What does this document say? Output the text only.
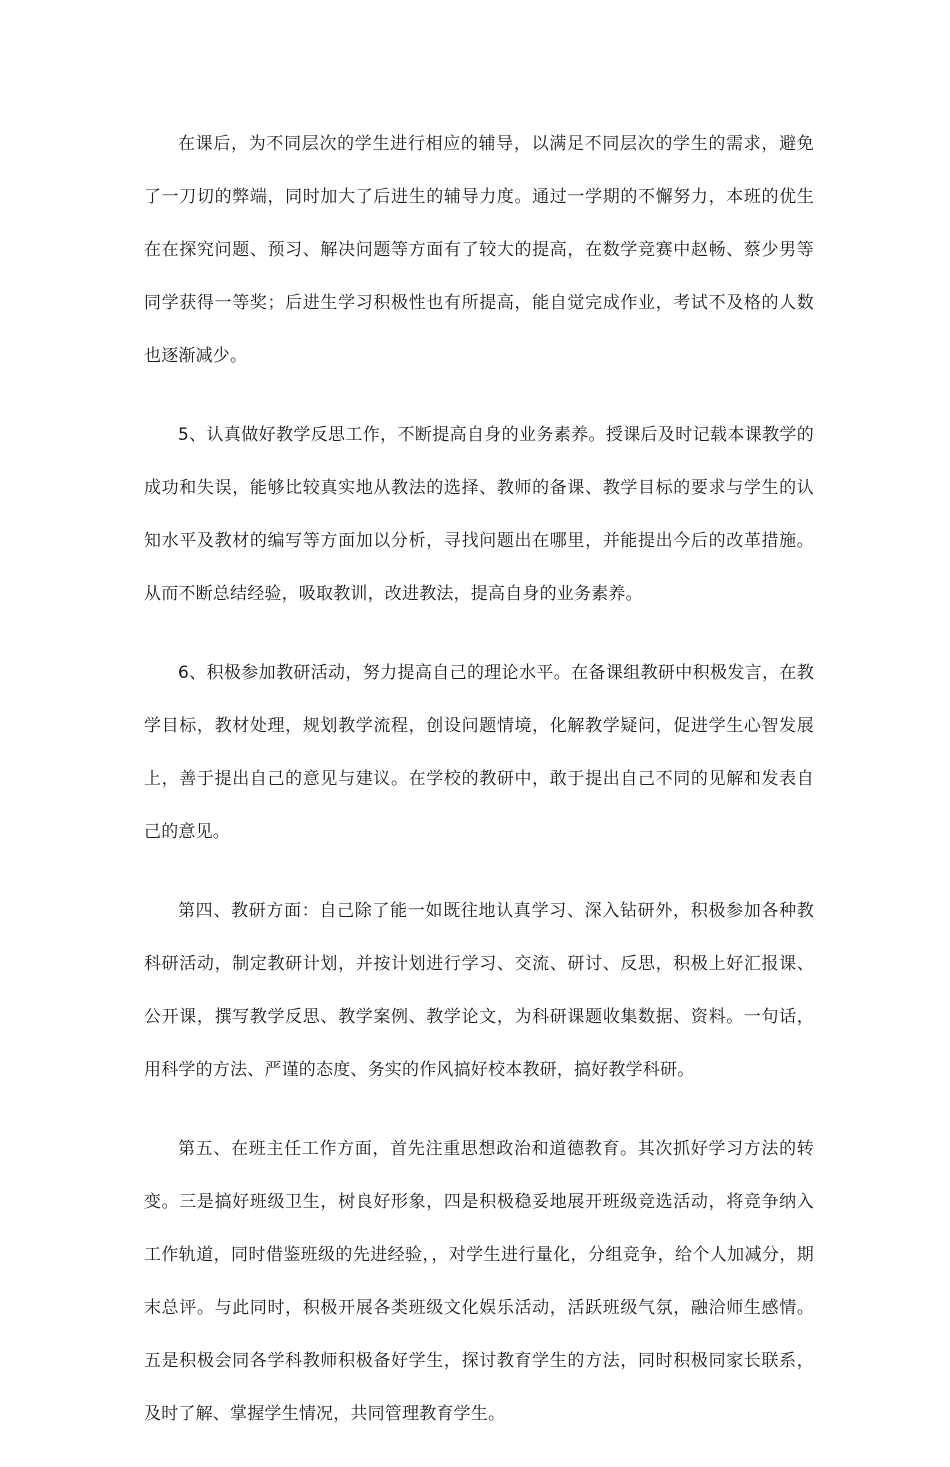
在课后，为不同层次的学生进行相应的辅导，以满足不同层次的学生的需求，避免了一刀切的弊端，同时加大了后进生的辅导力度。通过一学期的不懈努力，本班的优生在在探究问题、预习、解决问题等方面有了较大的提高，在数学竞赛中赵畅、蔡少男等同学获得一等奖；后进生学习积极性也有所提高，能自觉完成作业，考试不及格的人数也逐渐减少。

5、认真做好教学反思工作，不断提高自身的业务素养。授课后及时记载本课教学的成功和失误，能够比较真实地从教法的选择、教师的备课、教学目标的要求与学生的认知水平及教材的编写等方面加以分析，寻找问题出在哪里，并能提出今后的改革措施。从而不断总结经验，吸取教训，改进教法，提高自身的业务素养。

6、积极参加教研活动，努力提高自己的理论水平。在备课组教研中积极发言，在教学目标，教材处理，规划教学流程，创设问题情境，化解教学疑问，促进学生心智发展上，善于提出自己的意见与建议。在学校的教研中，敢于提出自己不同的见解和发表自己的意见。

第四、教研方面：自己除了能一如既往地认真学习、深入钻研外，积极参加各种教科研活动，制定教研计划，并按计划进行学习、交流、研讨、反思，积极上好汇报课、公开课，撰写教学反思、教学案例、教学论文，为科研课题收集数据、资料。一句话，用科学的方法、严谨的态度、务实的作风搞好校本教研，搞好教学科研。

第五、在班主任工作方面，首先注重思想政治和道德教育。其次抓好学习方法的转变。三是搞好班级卫生，树良好形象，四是积极稳妥地展开班级竞选活动，将竞争纳入工作轨道，同时借鉴班级的先进经验，，对学生进行量化，分组竞争，给个人加减分，期末总评。与此同时，积极开展各类班级文化娱乐活动，活跃班级气氛，融洽师生感情。五是积极会同各学科教师积极备好学生，探讨教育学生的方法，同时积极同家长联系，及时了解、掌握学生情况，共同管理教育学生。
